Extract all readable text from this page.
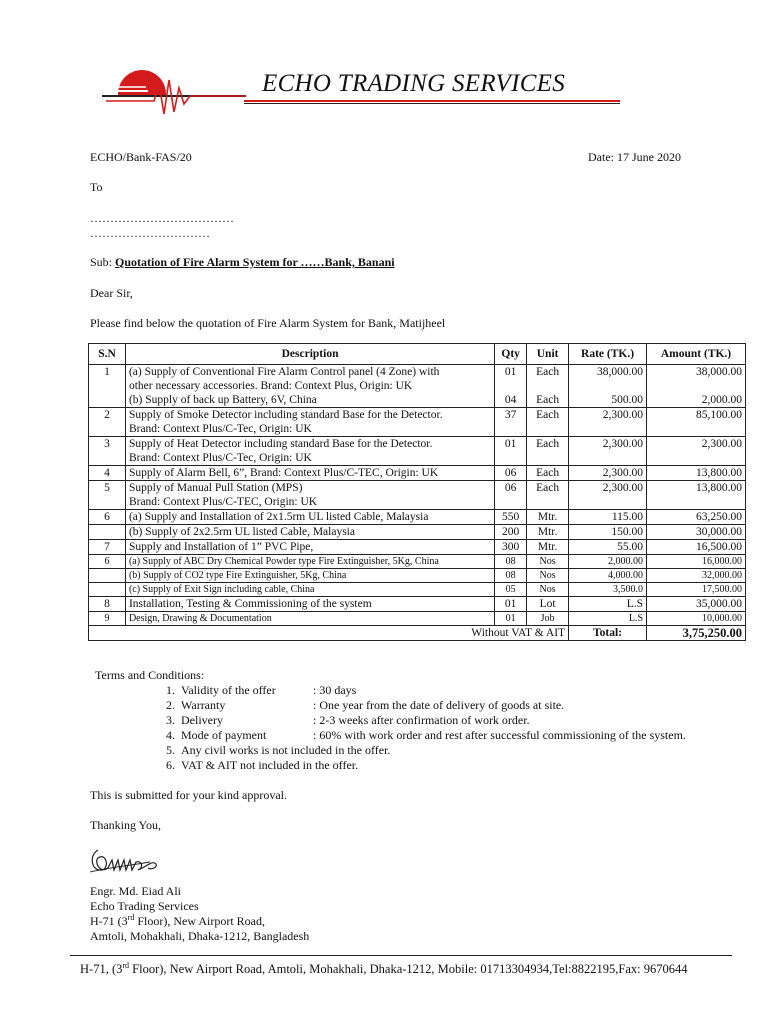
ECHO TRADING SERVICES
ECHO/Bank-FAS/20	Date: 17 June 2020
To
………………………………
…………………………
Sub: Quotation of Fire Alarm System for ……Bank, Banani
Dear Sir,
Please find below the quotation of Fire Alarm System for Bank, Matijheel
S.N	Description	Qty	Unit	Rate (TK.)	Amount (TK.)
1	(a) Supply of Conventional Fire Alarm Control panel (4 Zone) with	01	Each	38,000.00	38,000.00
	other necessary accessories. Brand: Context Plus, Origin: UK				
	(b) Supply of back up Battery, 6V, China	04	Each	500.00	2,000.00
2	Supply of Smoke Detector including standard Base for the Detector.	37	Each	2,300.00	85,100.00
	Brand: Context Plus/C-Tec, Origin: UK				
3	Supply of Heat Detector including standard Base for the Detector.	01	Each	2,300.00	2,300.00
	Brand: Context Plus/C-Tec, Origin: UK				
4	Supply of Alarm Bell, 6”, Brand: Context Plus/C-TEC, Origin: UK	06	Each	2,300.00	13,800.00
5	Supply of Manual Pull Station (MPS)	06	Each	2,300.00	13,800.00
	Brand: Context Plus/C-TEC, Origin: UK				
6	(a) Supply and Installation of 2x1.5rm UL listed Cable, Malaysia	550	Mtr.	115.00	63,250.00
	(b) Supply of 2x2.5rm UL listed Cable, Malaysia	200	Mtr.	150.00	30,000.00
7	Supply and Installation of 1” PVC Pipe,	300	Mtr.	55.00	16,500.00
6	(a) Supply of ABC Dry Chemical Powder type Fire Extinguisher, 5Kg, China	08	Nos	2,000.00	16,000.00
	(b) Supply of CO2 type Fire Extinguisher, 5Kg, China	08	Nos	4,000.00	32,000.00
	(c) Supply of Exit Sign including cable, China	05	Nos	3,500.0	17,500.00
8	Installation, Testing & Commissioning of the system	01	Lot	L.S	35,000.00
9	Design, Drawing & Documentation	01	Job	L.S	10,000.00
	Without VAT & AIT			Total:	3,75,250.00
Terms and Conditions:
1. Validity of the offer	: 30 days
2. Warranty	: One year from the date of delivery of goods at site.
3. Delivery	: 2-3 weeks after confirmation of work order.
4. Mode of payment	: 60% with work order and rest after successful commissioning of the system.
5. Any civil works is not included in the offer.
6. VAT & AIT not included in the offer.
This is submitted for your kind approval.
Thanking You,
Engr. Md. Eiad Ali
Echo Trading Services
H-71 (3rd Floor), New Airport Road,
Amtoli, Mohakhali, Dhaka-1212, Bangladesh
H-71, (3rd Floor), New Airport Road, Amtoli, Mohakhali, Dhaka-1212, Mobile: 01713304934,Tel:8822195,Fax: 9670644
